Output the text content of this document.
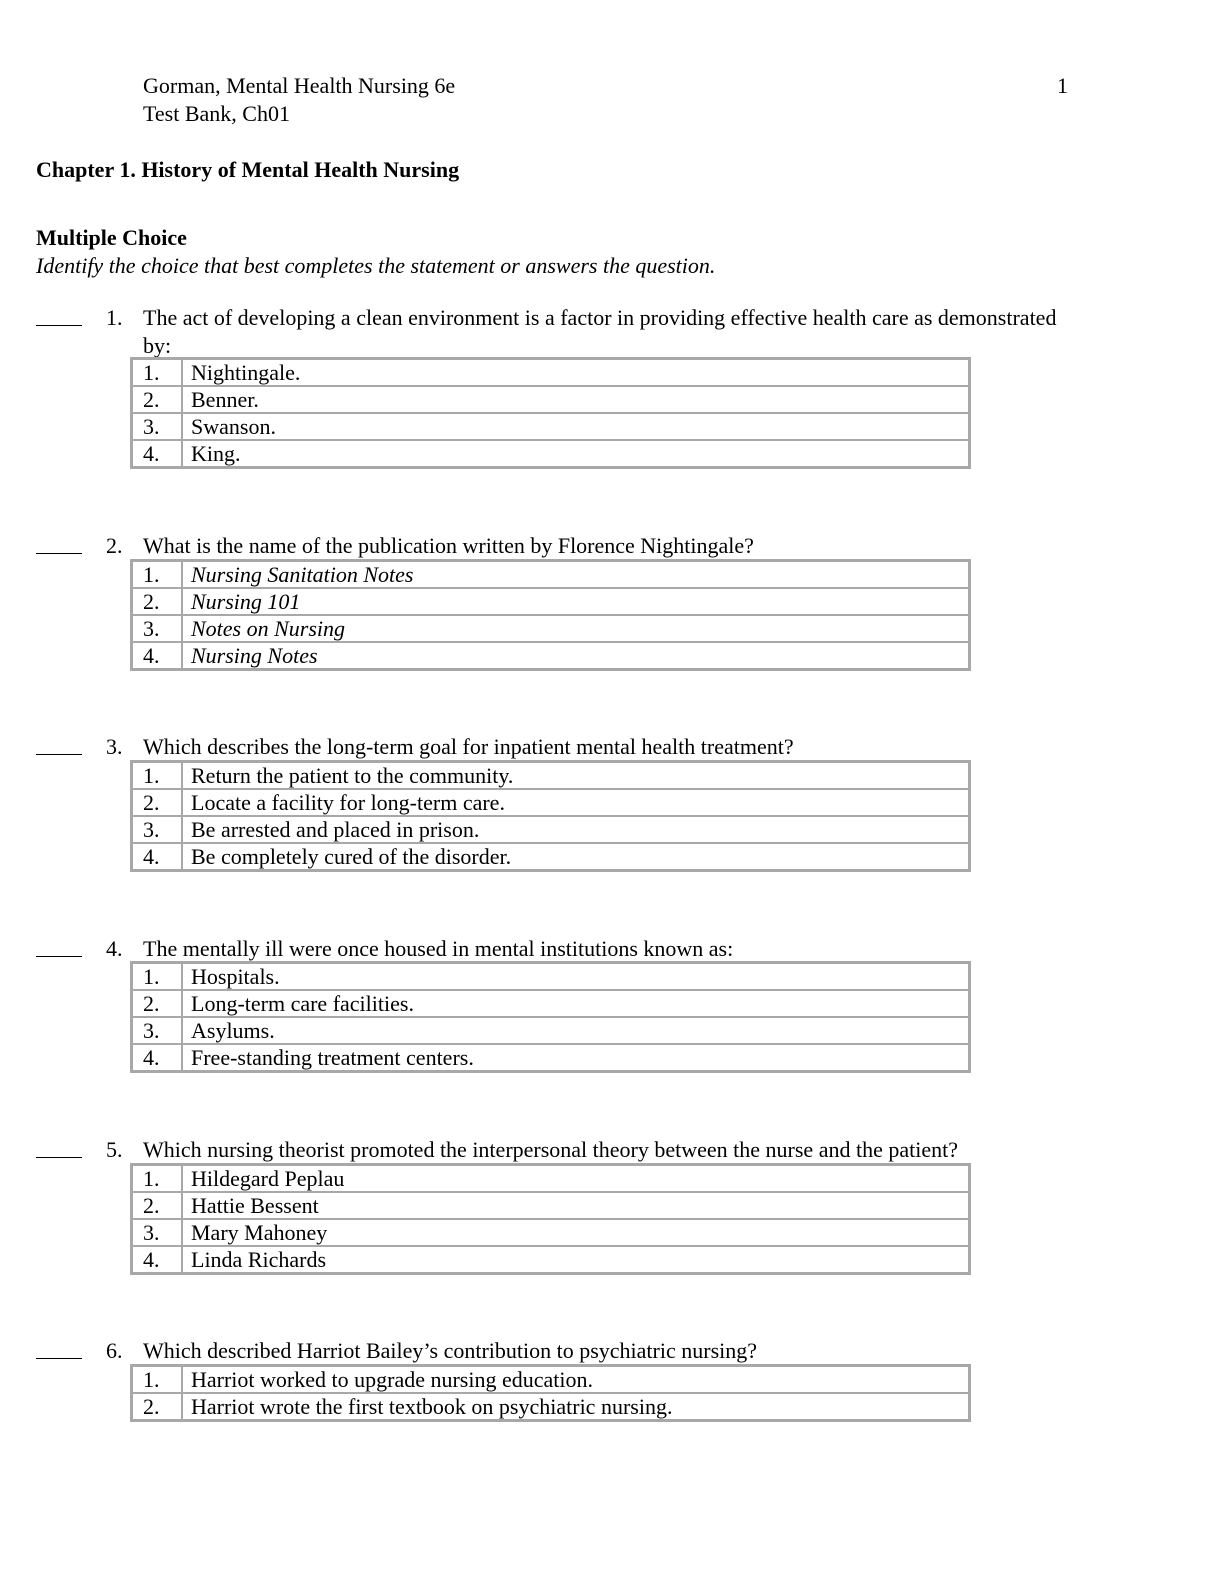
Gorman, Mental Health Nursing 6e
Test Bank, Ch01
1
Chapter 1. History of Mental Health Nursing
Multiple Choice
Identify the choice that best completes the statement or answers the question.
1. The act of developing a clean environment is a factor in providing effective health care as demonstrated
by:
1.	Nightingale.
2.	Benner.
3.	Swanson.
4.	King.
2. What is the name of the publication written by Florence Nightingale?
1.	Nursing Sanitation Notes
2.	Nursing 101
3.	Notes on Nursing
4.	Nursing Notes
3. Which describes the long-term goal for inpatient mental health treatment?
1.	Return the patient to the community.
2.	Locate a facility for long-term care.
3.	Be arrested and placed in prison.
4.	Be completely cured of the disorder.
4. The mentally ill were once housed in mental institutions known as:
1.	Hospitals.
2.	Long-term care facilities.
3.	Asylums.
4.	Free-standing treatment centers.
5. Which nursing theorist promoted the interpersonal theory between the nurse and the patient?
1.	Hildegard Peplau
2.	Hattie Bessent
3.	Mary Mahoney
4.	Linda Richards
6. Which described Harriot Bailey’s contribution to psychiatric nursing?
1.	Harriot worked to upgrade nursing education.
2.	Harriot wrote the first textbook on psychiatric nursing.
